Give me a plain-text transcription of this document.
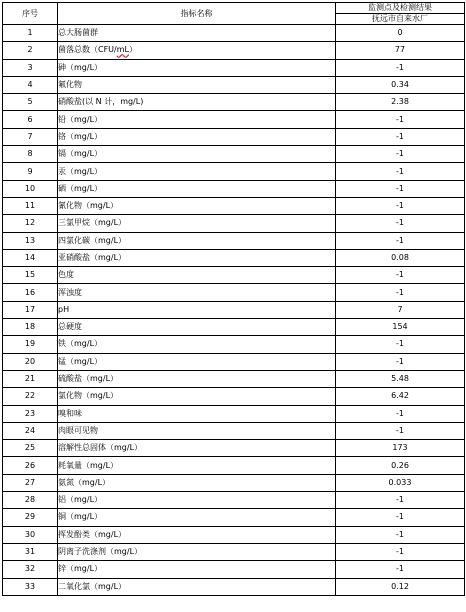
序号	指标名称	监测点及检测结果
		抚远市自来水厂
1	总大肠菌群	0
2	菌落总数（CFU/mL）	77
3	砷（mg/L）	-1
4	氟化物	0.34
5	硝酸盐(以 N 计，mg/L)	2.38
6	铅（mg/L）	-1
7	铬（mg/L）	-1
8	镉（mg/L）	-1
9	汞（mg/L）	-1
10	硒（mg/L）	-1
11	氰化物（mg/L）	-1
12	三氯甲烷（mg/L）	-1
13	四氯化碳（mg/L）	-1
14	亚硝酸盐（mg/L）	0.08
15	色度	-1
16	浑浊度	-1
17	pH	7
18	总硬度	154
19	铁（mg/L）	-1
20	锰（mg/L）	-1
21	硫酸盐（mg/L）	5.48
22	氯化物（mg/L）	6.42
23	嗅和味	-1
24	肉眼可见物	-1
25	溶解性总固体（mg/L）	173
26	耗氧量（mg/L）	0.26
27	氨氮（mg/L）	0.033
28	铝（mg/L）	-1
29	铜（mg/L）	-1
30	挥发酚类（mg/L）	-1
31	阴离子洗涤剂（mg/L）	-1
32	锌（mg/L）	-1
33	二氧化氯（mg/L）	0.12
